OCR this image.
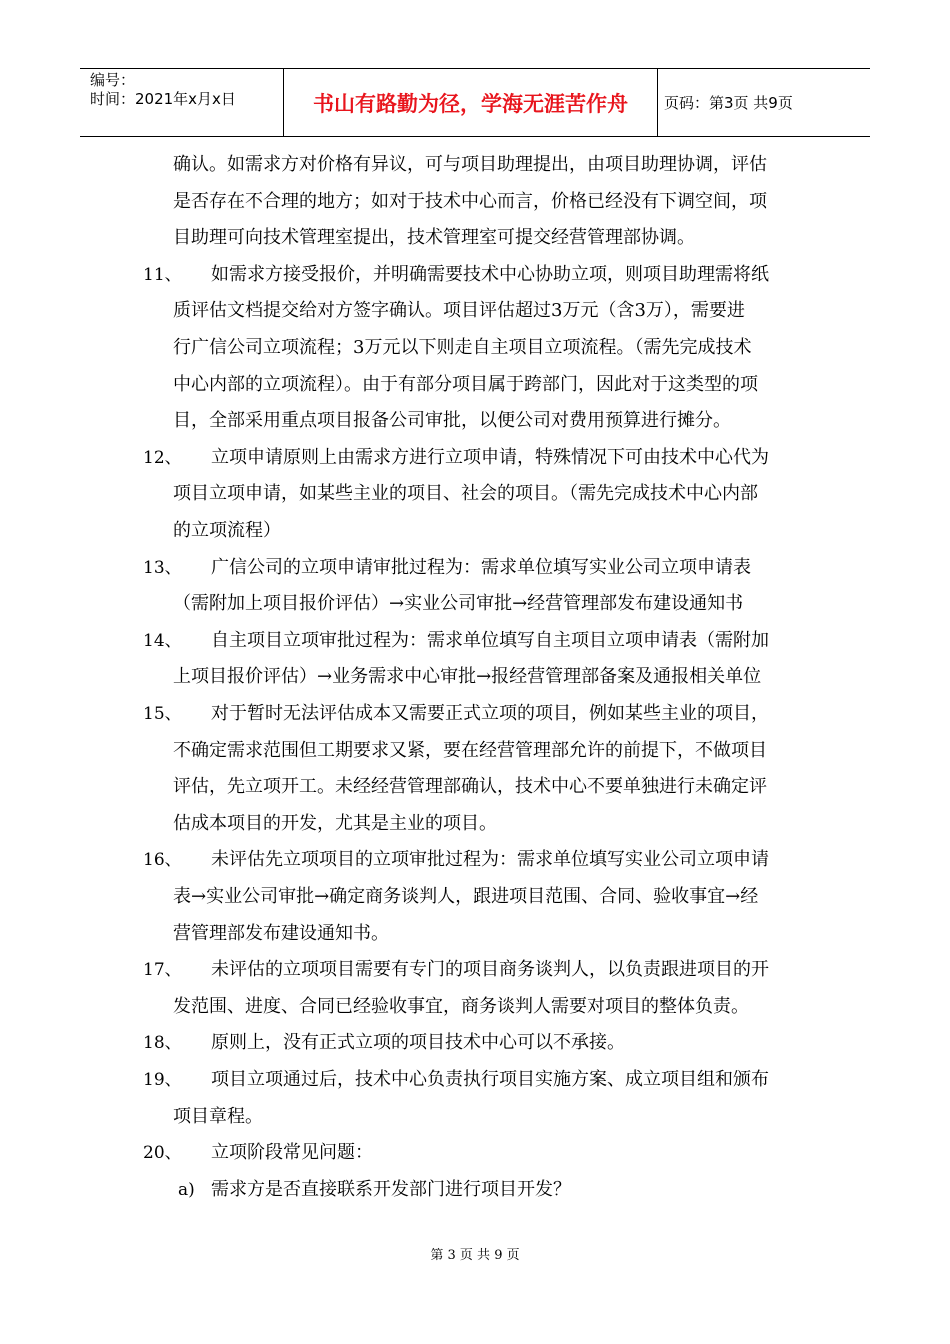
编号：
时间：2021年x月x日	书山有路勤为径，学海无涯苦作舟	页码：第3页 共9页
确认。如需求方对价格有异议，可与项目助理提出，由项目助理协调，评估
是否存在不合理的地方；如对于技术中心而言，价格已经没有下调空间，项
目助理可向技术管理室提出，技术管理室可提交经营管理部协调。
11、 如需求方接受报价，并明确需要技术中心协助立项，则项目助理需将纸
质评估文档提交给对方签字确认。项目评估超过3万元（含3万），需要进
行广信公司立项流程；3万元以下则走自主项目立项流程。（需先完成技术
中心内部的立项流程）。由于有部分项目属于跨部门，因此对于这类型的项
目，全部采用重点项目报备公司审批，以便公司对费用预算进行摊分。
12、 立项申请原则上由需求方进行立项申请，特殊情况下可由技术中心代为
项目立项申请，如某些主业的项目、社会的项目。（需先完成技术中心内部
的立项流程）
13、 广信公司的立项申请审批过程为：需求单位填写实业公司立项申请表
（需附加上项目报价评估）→实业公司审批→经营管理部发布建设通知书
14、 自主项目立项审批过程为：需求单位填写自主项目立项申请表（需附加
上项目报价评估）→业务需求中心审批→报经营管理部备案及通报相关单位
15、 对于暂时无法评估成本又需要正式立项的项目，例如某些主业的项目，
不确定需求范围但工期要求又紧，要在经营管理部允许的前提下，不做项目
评估，先立项开工。未经经营管理部确认，技术中心不要单独进行未确定评
估成本项目的开发，尤其是主业的项目。
16、 未评估先立项项目的立项审批过程为：需求单位填写实业公司立项申请
表→实业公司审批→确定商务谈判人，跟进项目范围、合同、验收事宜→经
营管理部发布建设通知书。
17、 未评估的立项项目需要有专门的项目商务谈判人，以负责跟进项目的开
发范围、进度、合同已经验收事宜，商务谈判人需要对项目的整体负责。
18、 原则上，没有正式立项的项目技术中心可以不承接。
19、 项目立项通过后，技术中心负责执行项目实施方案、成立项目组和颁布
项目章程。
20、 立项阶段常见问题：
a) 需求方是否直接联系开发部门进行项目开发？
第 3 页 共 9 页
